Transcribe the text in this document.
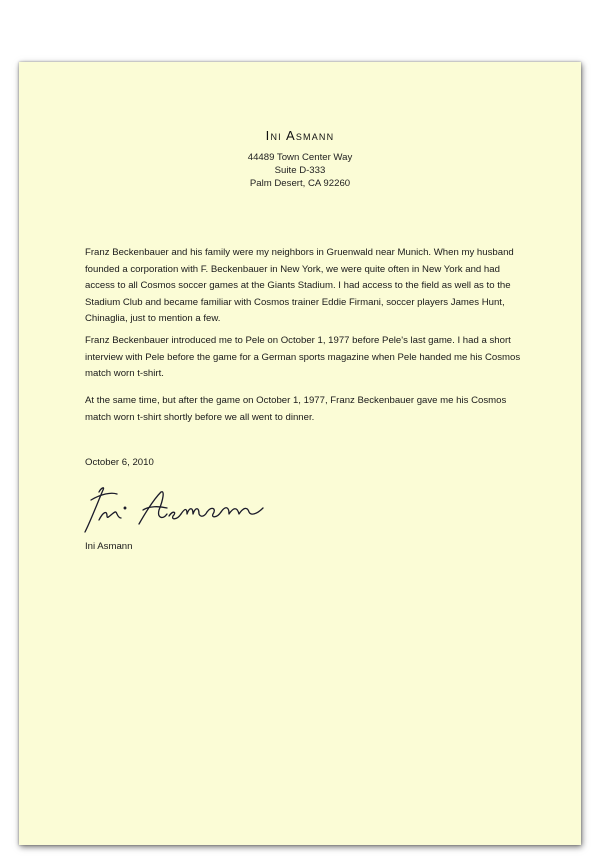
Ini Asmann
44489 Town Center Way
Suite D-333
Palm Desert, CA 92260

Franz Beckenbauer and his family were my neighbors in Gruenwald near Munich. When my husband founded a corporation with F. Beckenbauer in New York, we were quite often in New York and had access to all Cosmos soccer games at the Giants Stadium. I had access to the field as well as to the Stadium Club and became familiar with Cosmos trainer Eddie Firmani, soccer players James Hunt, Chinaglia, just to mention a few.

Franz Beckenbauer introduced me to Pele on October 1, 1977 before Pele's last game. I had a short interview with Pele before the game for a German sports magazine when Pele handed me his Cosmos match worn t-shirt.

At the same time, but after the game on October 1, 1977, Franz Beckenbauer gave me his Cosmos match worn t-shirt shortly before we all went to dinner.

October 6, 2010
Ini Asmann
